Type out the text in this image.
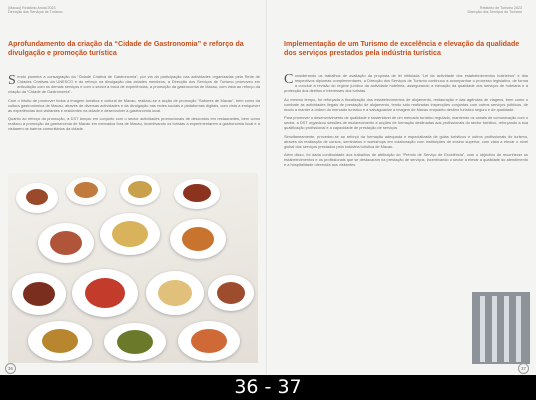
(Macau) Relatório Anual 2023
Direcção dos Serviços de Turismo
Aprofundamento da criação da “Cidade de Gastronomia” e reforço da divulgação e promoção turística

Sendo pioneira a consagração da “Cidade Criativa de Gastronomia”, por via da participação nas actividades organizadas pela Rede de Cidades Criativas da UNESCO e do reforço na divulgação das cidades membros, a Direcção dos Serviços de Turismo promoveu em articulação com os demais serviços e com o sector a troca de experiências, a promoção da gastronomia de Macau, com vista ao reforço da criação da “Cidade de Gastronomia”.

Com o intuito de promover todos a imagem turística e cultural de Macau, realizou-se a acção de promoção “Sabores de Macau”, bem como da cultura gastronómica de Macau, através de diversas actividades e da divulgação nas redes sociais e plataformas digitais, com vista a enriquecer as experiências dos visitantes e residentes na cidade e desenvolver a gastronomia local.

Quanto ao reforço da promoção, a DST lançou em conjunto com o sector actividades promocionais de descontos em restaurantes, bem como realizou a promoção da gastronomia de Macau em mercados fora de Macau, incentivando os turistas a experimentarem a gastronomia local e a visitarem os bairros comunitários da cidade.

36
Relatório de Turismo 2023
Direcção dos Serviços de Turismo
Implementação de um Turismo de excelência e elevação da qualidade dos serviços prestados pela indústria turística

Considerando os trabalhos de avaliação da proposta de lei intitulada “Lei da actividade dos estabelecimentos hoteleiros” e dos respectivos diplomas complementares, a Direcção dos Serviços de Turismo continuou a acompanhar o processo legislativo, de forma a concluir a revisão do regime jurídico da actividade hoteleira, assegurando a elevação da qualidade dos serviços de hotelaria e a protecção dos direitos e interesses dos turistas.

Ao mesmo tempo, foi reforçada a fiscalização dos estabelecimentos de alojamento, restauração e das agências de viagens, bem como o combate às actividades ilegais de prestação de alojamento, tendo sido realizadas inspecções conjuntas com outros serviços públicos, de modo a manter a ordem do mercado turístico e a salvaguardar a imagem de Macau enquanto destino turístico seguro e de qualidade.

Para promover o desenvolvimento de qualidade e sustentável de um mercado turístico regulado, mantendo os canais de comunicação com o sector, a DST organizou sessões de esclarecimento e acções de formação destinadas aos profissionais do sector turístico, reforçando a sua qualificação profissional e a capacidade de prestação de serviços.

Simultaneamente, procedeu-se ao reforço da formação adequada e especializada de guias turísticos e outros profissionais do turismo, através da realização de cursos, seminários e workshops em colaboração com instituições de ensino superior, com vista a elevar o nível global dos serviços prestados pela indústria turística de Macau.

Além disso, foi dada continuidade aos trabalhos de atribuição do “Prémio de Serviço de Excelência”, com o objectivo de reconhecer os estabelecimentos e os profissionais que se destacaram na prestação de serviços, incentivando o sector a elevar a qualidade do atendimento e a hospitalidade oferecida aos visitantes.

37
36 - 37
